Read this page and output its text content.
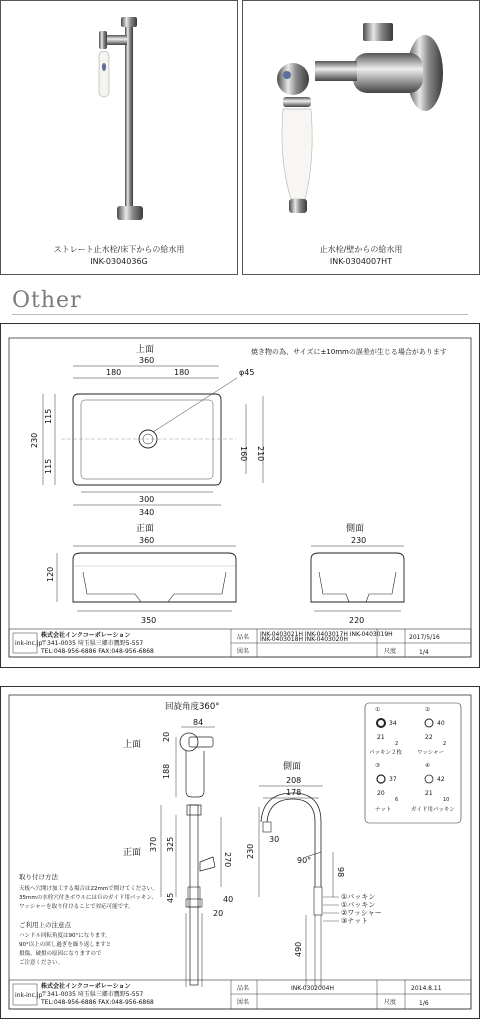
ストレート止水栓/床下からの給水用
INK-0304036G
止水栓/壁からの給水用
INK-0304007HT
Other
焼き物の為、サイズに±10mmの誤差が生じる場合があります
上面
360
180	180	φ45
230
115
115
160 210
300
340
正面
360
120
350
側面
230
220
ink-inc.jp
株式会社インクコーポレーション
〒341-0035 埼玉県三郷市鷹野5-557
TEL:048-956-6886 FAX:048-956-6868
品名 INK-0403021H INK-0403017H INK-0403019H
INK-0403018H INK-0403020H	2017/5/16
図名	尺度	1/4
回旋角度360°
84
上面
20
188
正面
370 325
270
45	40
20
側面
208
178
30
90°
230
98
490
①パッキン
①パッキン
②ワッシャー
③ナット
①
34
21
2
パッキン２枚
②
40
22
2
ワッシャー
③
37
20
6
ナット
④
42
21
10
ガイド用パッキン
ink-inc.jp
株式会社インクコーポレーション
〒341-0035 埼玉県三郷市鷹野5-557
TEL:048-956-6886 FAX:048-956-6868
品名	INK-0302004H	2014.8.11
図名	尺度	1/6
取り付け方法
天板へ穴開け加工する場合は22mmで開けてください。
35mmの水栓穴付きボウルにはＧのガイド用パッキン、
ワッシャーを取り付けることで対応可能です。
ご利用上の注意点
ハンドル回転角度は90°になります。
90°以上の回し過ぎを繰り返しますと
損傷、破損の原因になりますので
ご注意ください。
